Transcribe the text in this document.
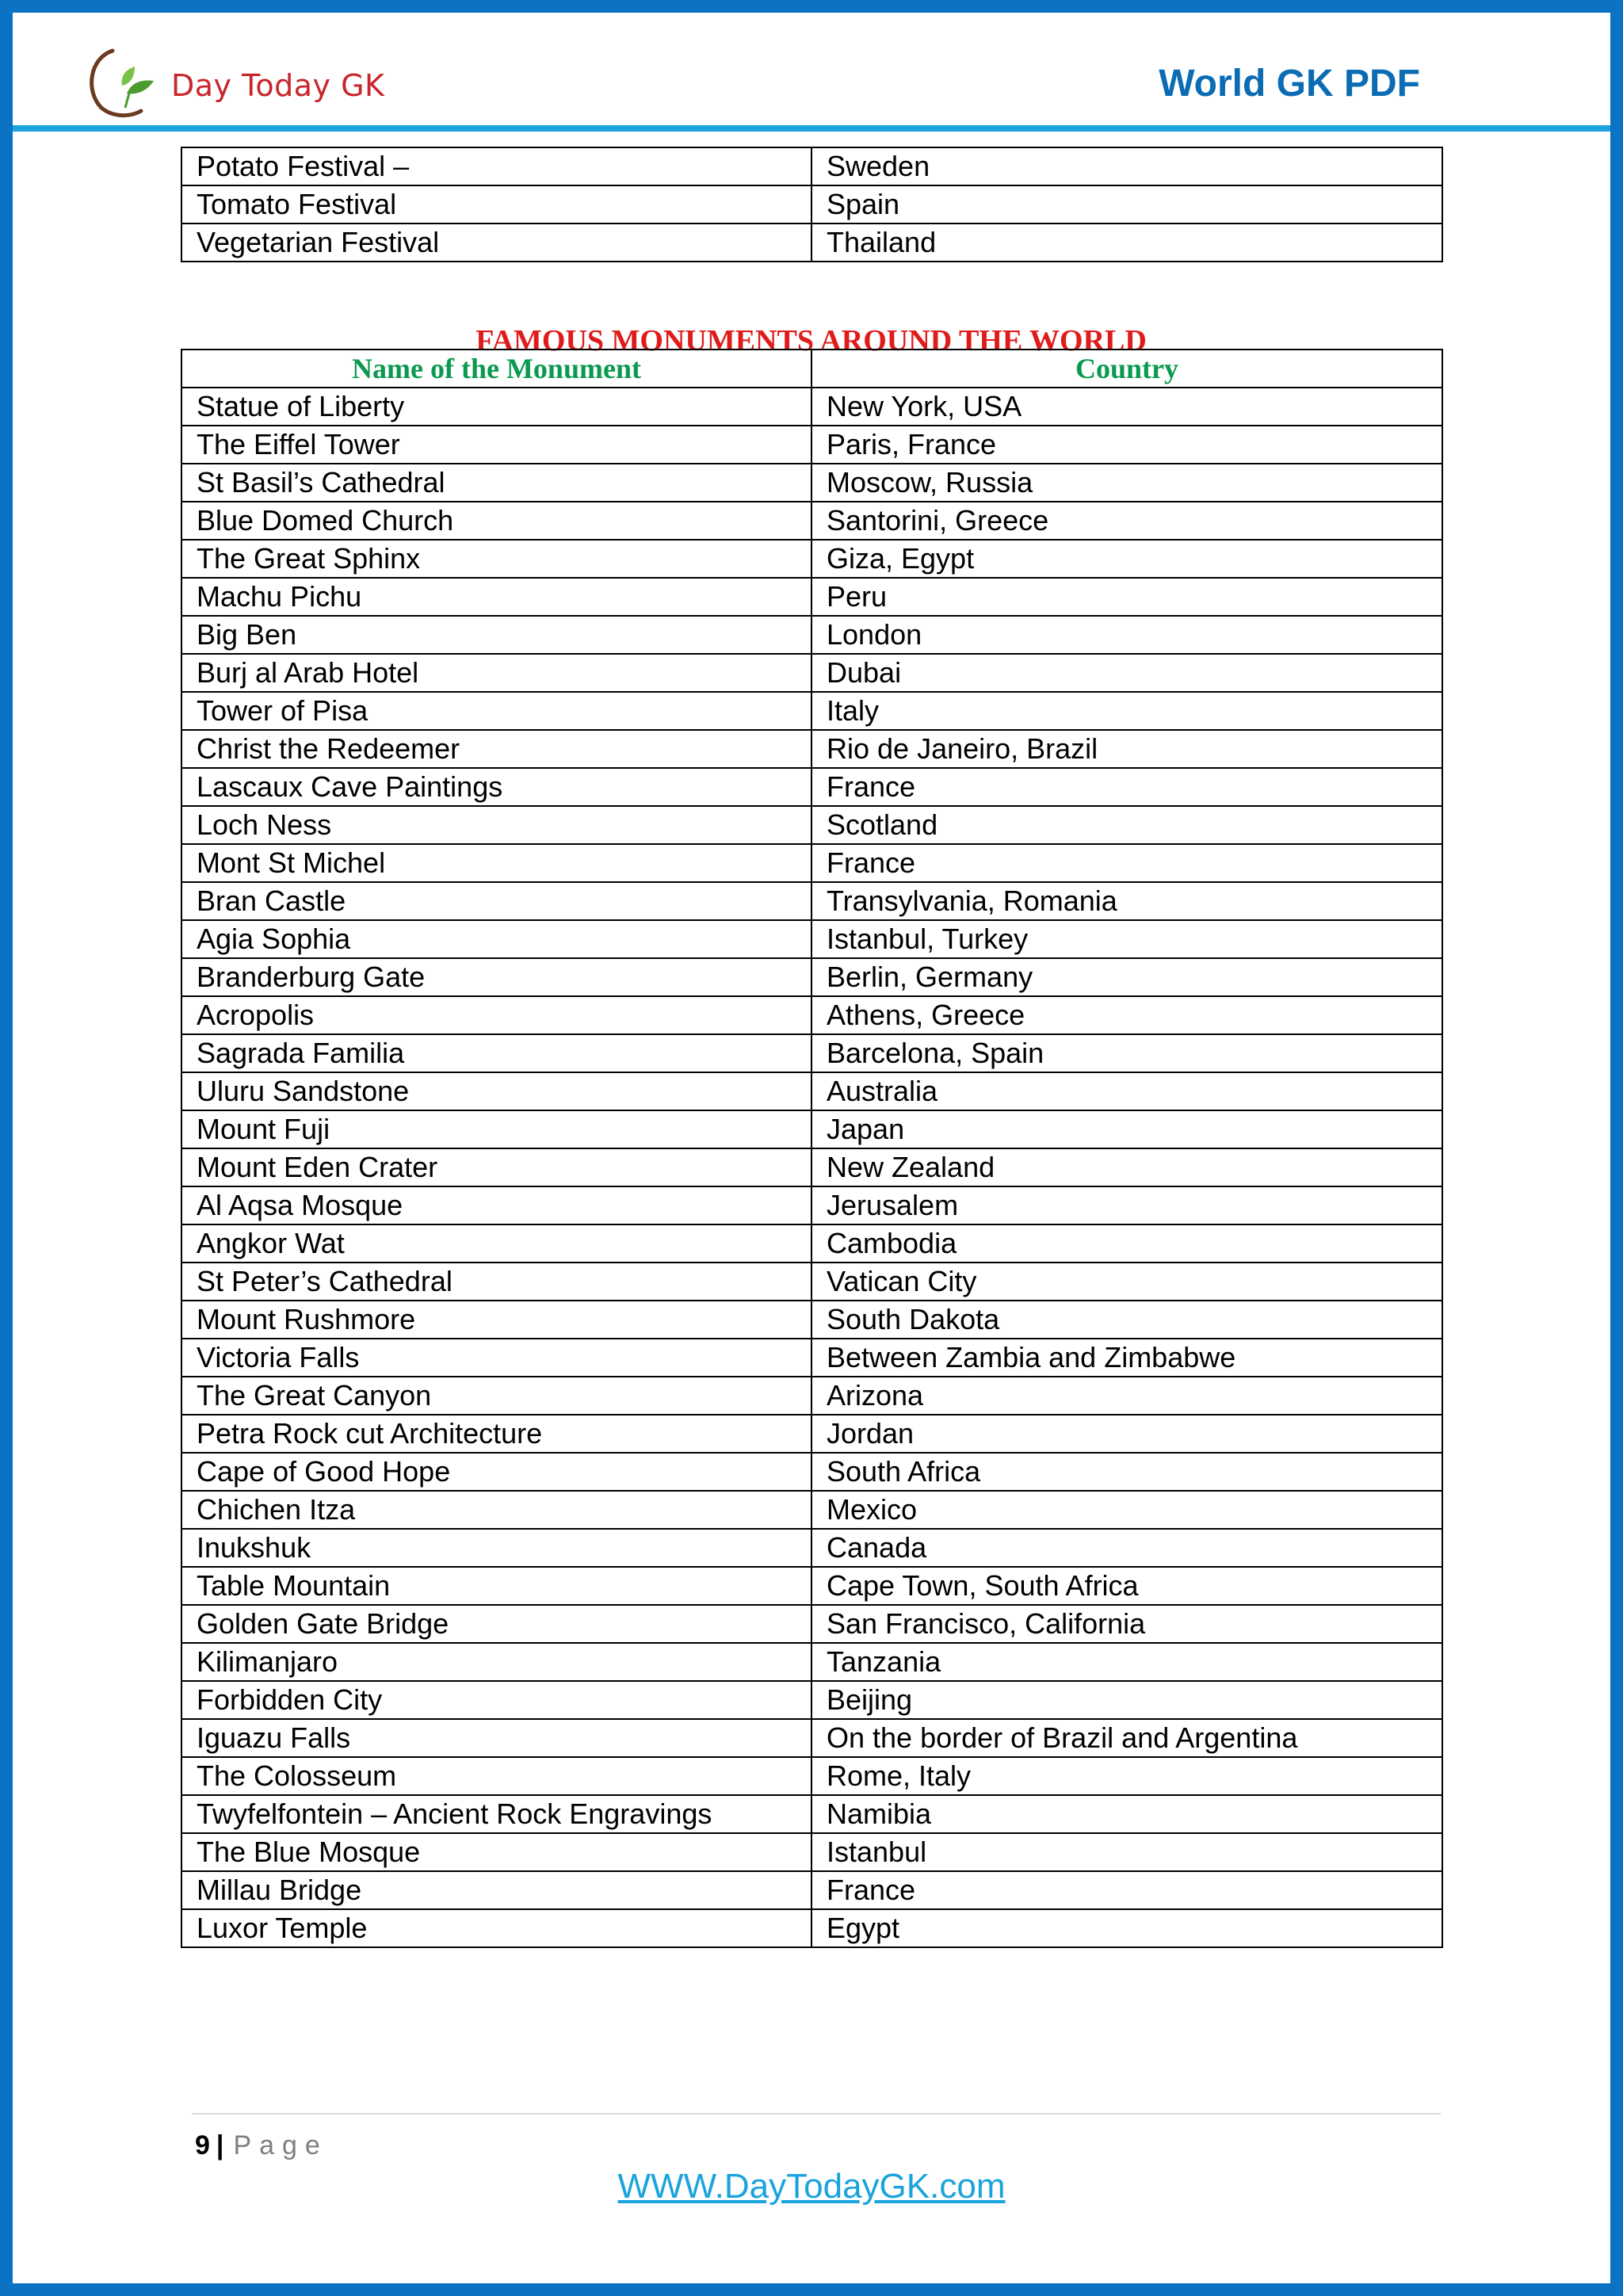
Day Today GK	World GK PDF
Potato Festival –	Sweden
Tomato Festival	Spain
Vegetarian Festival	Thailand
FAMOUS MONUMENTS AROUND THE WORLD
Name of the Monument	Country
Statue of Liberty	New York, USA
The Eiffel Tower	Paris, France
St Basil’s Cathedral	Moscow, Russia
Blue Domed Church	Santorini, Greece
The Great Sphinx	Giza, Egypt
Machu Pichu	Peru
Big Ben	London
Burj al Arab Hotel	Dubai
Tower of Pisa	Italy
Christ the Redeemer	Rio de Janeiro, Brazil
Lascaux Cave Paintings	France
Loch Ness	Scotland
Mont St Michel	France
Bran Castle	Transylvania, Romania
Agia Sophia	Istanbul, Turkey
Branderburg Gate	Berlin, Germany
Acropolis	Athens, Greece
Sagrada Familia	Barcelona, Spain
Uluru Sandstone	Australia
Mount Fuji	Japan
Mount Eden Crater	New Zealand
Al Aqsa Mosque	Jerusalem
Angkor Wat	Cambodia
St Peter’s Cathedral	Vatican City
Mount Rushmore	South Dakota
Victoria Falls	Between Zambia and Zimbabwe
The Great Canyon	Arizona
Petra Rock cut Architecture	Jordan
Cape of Good Hope	South Africa
Chichen Itza	Mexico
Inukshuk	Canada
Table Mountain	Cape Town, South Africa
Golden Gate Bridge	San Francisco, California
Kilimanjaro	Tanzania
Forbidden City	Beijing
Iguazu Falls	On the border of Brazil and Argentina
The Colosseum	Rome, Italy
Twyfelfontein – Ancient Rock Engravings	Namibia
The Blue Mosque	Istanbul
Millau Bridge	France
Luxor Temple	Egypt
9 | Page
WWW.DayTodayGK.com
